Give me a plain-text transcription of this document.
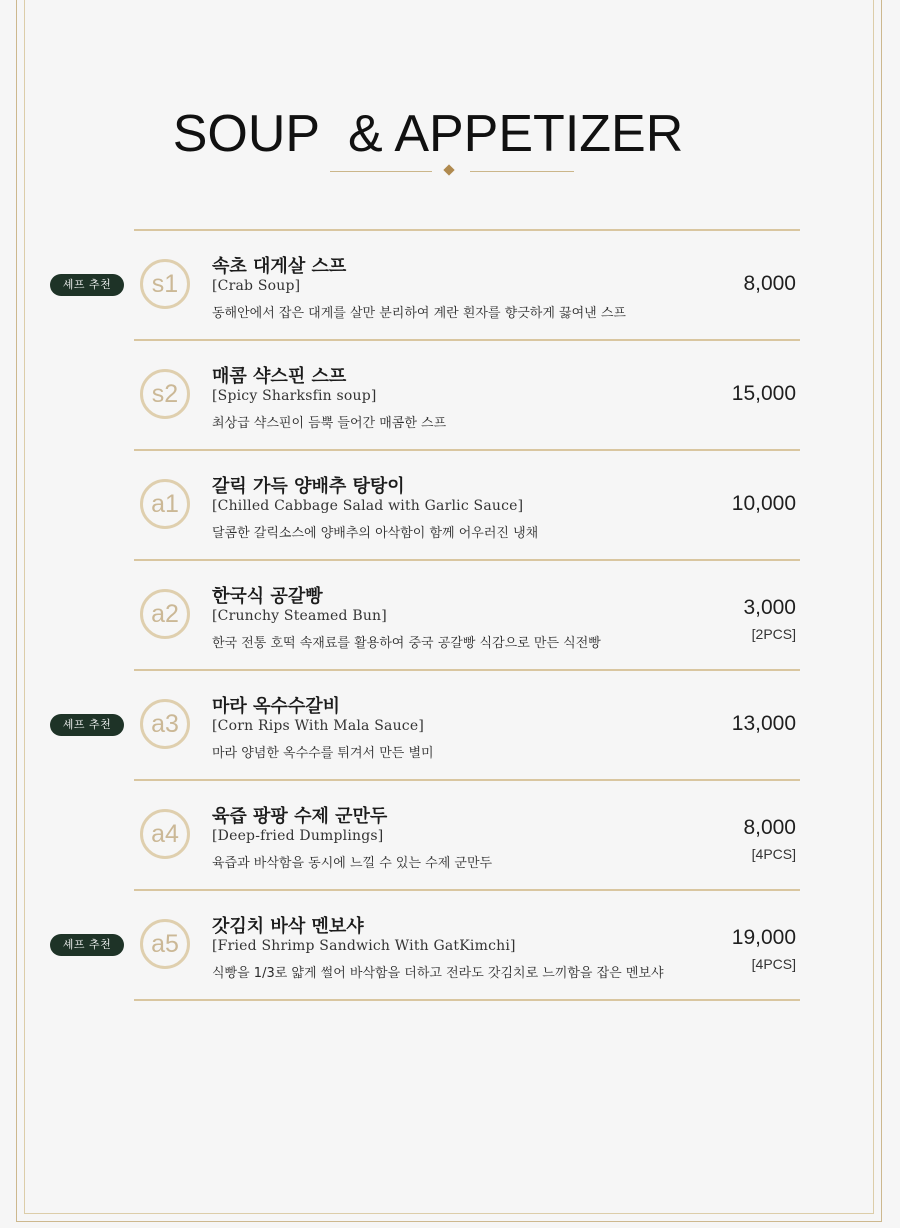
SOUP  & APPETIZER
셰프 추천	s1
속초 대게살 스프
[Crab Soup]
동해안에서 잡은 대게를 살만 분리하여 계란 흰자를 향긋하게 끓여낸 스프
8,000
s2
매콤 샥스핀 스프
[Spicy Sharksfin soup]
최상급 샥스핀이 듬뿍 들어간 매콤한 스프
15,000
a1
갈릭 가득 양배추 탕탕이
[Chilled Cabbage Salad with Garlic Sauce]
달콤한 갈릭소스에 양배추의 아삭함이 함께 어우러진 냉채
10,000
a2
한국식 공갈빵
[Crunchy Steamed Bun]
한국 전통 호떡 속재료를 활용하여 중국 공갈빵 식감으로 만든 식전빵
3,000
[2PCS]
셰프 추천	a3
마라 옥수수갈비
[Corn Rips With Mala Sauce]
마라 양념한 옥수수를 튀겨서 만든 별미
13,000
a4
육즙 팡팡 수제 군만두
[Deep-fried Dumplings]
육즙과 바삭함을 동시에 느낄 수 있는 수제 군만두
8,000
[4PCS]
셰프 추천	a5
갓김치 바삭 멘보샤
[Fried Shrimp Sandwich With GatKimchi]
식빵을 1/3로 얇게 썰어 바삭함을 더하고 전라도 갓김치로 느끼함을 잡은 멘보샤
19,000
[4PCS]
